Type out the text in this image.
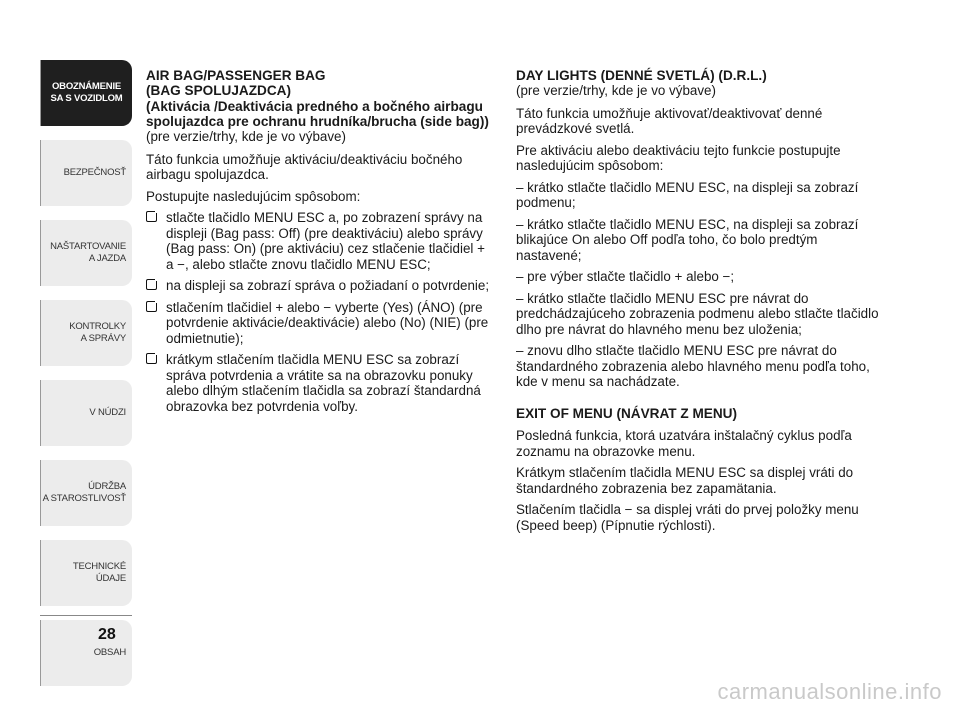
OBOZNÁMENIE
SA S VOZIDLOM
BEZPEČNOSŤ
NAŠTARTOVANIE
A JAZDA
KONTROLKY
A SPRÁVY
V NÚDZI
ÚDRŽBA
A STAROSTLIVOSŤ
TECHNICKÉ
ÚDAJE
OBSAH
28

AIR BAG/PASSENGER BAG

(BAG SPOLUJAZDCA)

(Aktivácia /Deaktivácia predného a bočného airbagu spolujazdca pre ochranu hrudníka/brucha (side bag))

(pre verzie/trhy, kde je vo výbave)

Táto funkcia umožňuje aktiváciu/deaktiváciu bočného airbagu spolujazdca.

Postupujte nasledujúcim spôsobom:

stlačte tlačidlo MENU ESC a, po zobrazení správy na displeji (Bag pass: Off) (pre deaktiváciu) alebo správy (Bag pass: On) (pre aktiváciu) cez stlačenie tlačidiel + a −, alebo stlačte znovu tlačidlo MENU ESC;
na displeji sa zobrazí správa o požiadaní o potvrdenie;
stlačením tlačidiel + alebo − vyberte (Yes) (ÁNO) (pre potvrdenie aktivácie/deaktivácie) alebo (No) (NIE) (pre odmietnutie);
krátkym stlačením tlačidla MENU ESC sa zobrazí správa potvrdenia a vrátite sa na obrazovku ponuky alebo dlhým stlačením tlačidla sa zobrazí štandardná obrazovka bez potvrdenia voľby.

DAY LIGHTS (DENNÉ SVETLÁ) (D.R.L.)

(pre verzie/trhy, kde je vo výbave)

Táto funkcia umožňuje aktivovať/deaktivovať denné prevádzkové svetlá.

Pre aktiváciu alebo deaktiváciu tejto funkcie postupujte nasledujúcim spôsobom:

– krátko stlačte tlačidlo MENU ESC, na displeji sa zobrazí podmenu;

– krátko stlačte tlačidlo MENU ESC, na displeji sa zobrazí blikajúce On alebo Off podľa toho, čo bolo predtým nastavené;

– pre výber stlačte tlačidlo + alebo −;

– krátko stlačte tlačidlo MENU ESC pre návrat do predchádzajúceho zobrazenia podmenu alebo stlačte tlačidlo dlho pre návrat do hlavného menu bez uloženia;

– znovu dlho stlačte tlačidlo MENU ESC pre návrat do štandardného zobrazenia alebo hlavného menu podľa toho, kde v menu sa nachádzate.

EXIT OF MENU (NÁVRAT Z MENU)

Posledná funkcia, ktorá uzatvára inštalačný cyklus podľa zoznamu na obrazovke menu.

Krátkym stlačením tlačidla MENU ESC sa displej vráti do štandardného zobrazenia bez zapamätania.

Stlačením tlačidla − sa displej vráti do prvej položky menu (Speed beep) (Pípnutie rýchlosti).

carmanualsonline.info
